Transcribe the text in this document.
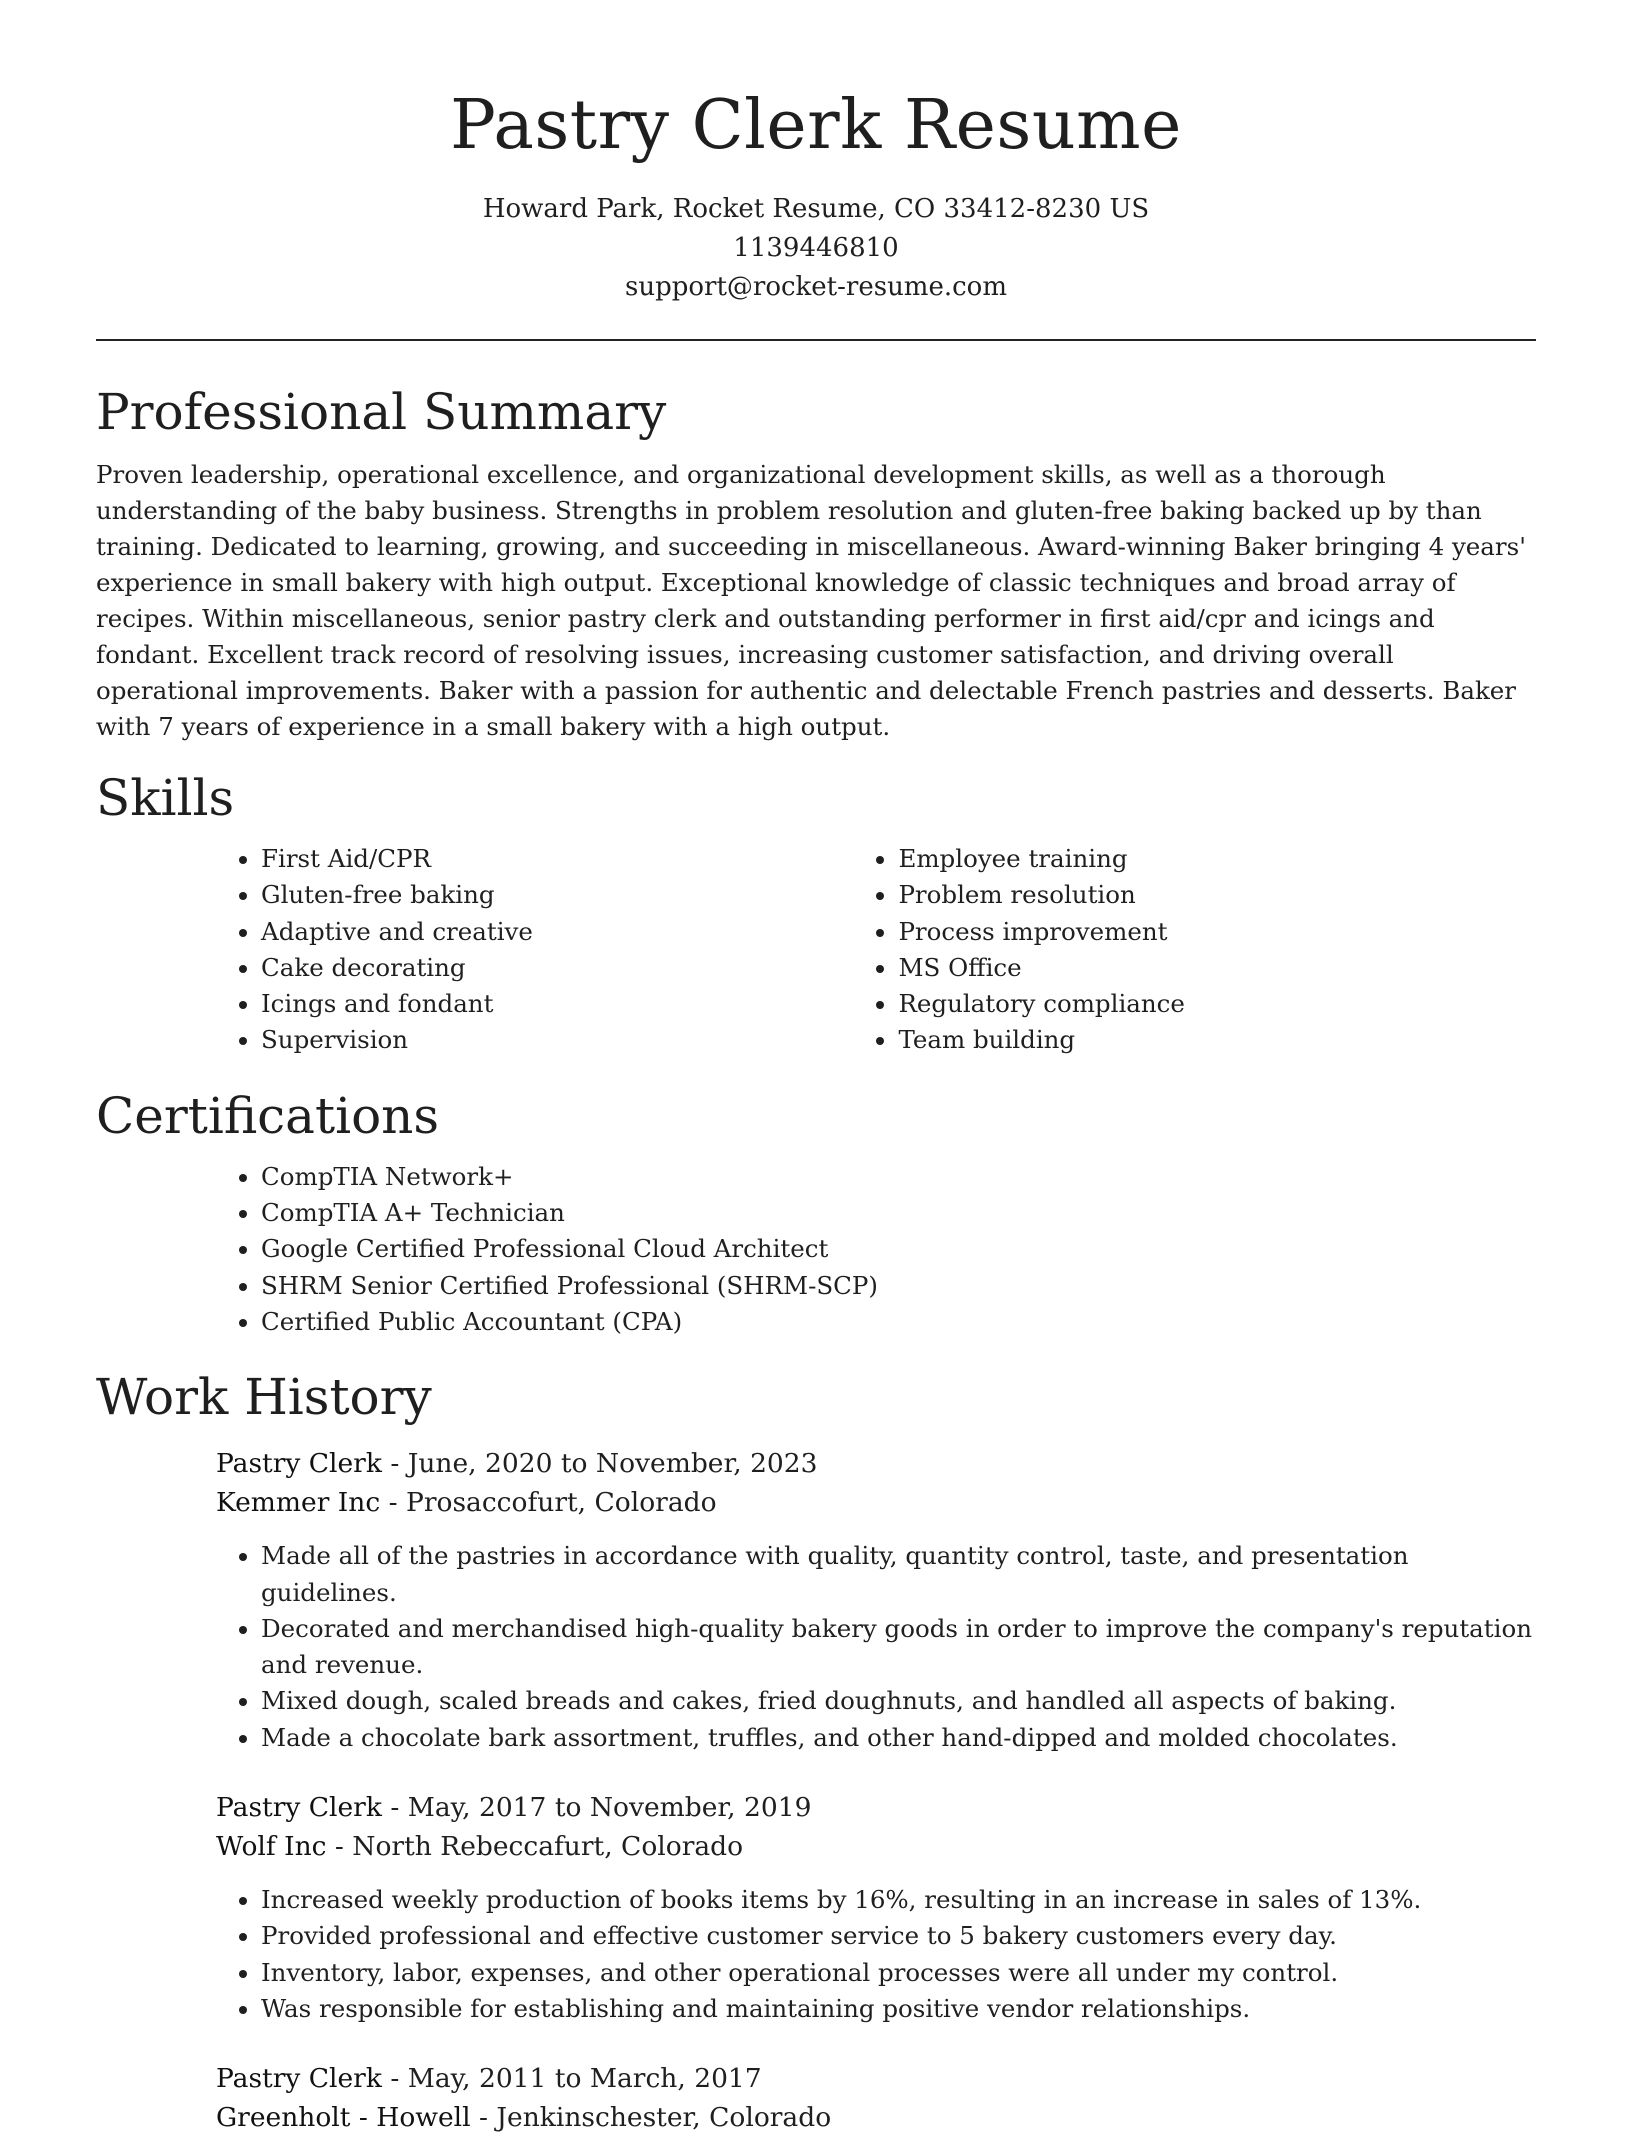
Pastry Clerk Resume
Howard Park, Rocket Resume, CO 33412-8230 US
1139446810
support@rocket-resume.com
Professional Summary

Proven leadership, operational excellence, and organizational development skills, as well as a thorough understanding of the baby business. Strengths in problem resolution and gluten-free baking backed up by than training. Dedicated to learning, growing, and succeeding in miscellaneous. Award-winning Baker bringing 4 years' experience in small bakery with high output. Exceptional knowledge of classic techniques and broad array of recipes. Within miscellaneous, senior pastry clerk and outstanding performer in first aid/cpr and icings and fondant. Excellent track record of resolving issues, increasing customer satisfaction, and driving overall operational improvements. Baker with a passion for authentic and delectable French pastries and desserts. Baker with 7 years of experience in a small bakery with a high output.

Skills
• First Aid/CPR
• Gluten-free baking
• Adaptive and creative
• Cake decorating
• Icings and fondant
• Supervision
• Employee training
• Problem resolution
• Process improvement
• MS Office
• Regulatory compliance
• Team building
Certifications
• CompTIA Network+
• CompTIA A+ Technician
• Google Certified Professional Cloud Architect
• SHRM Senior Certified Professional (SHRM-SCP)
• Certified Public Accountant (CPA)
Work History
Pastry Clerk - June, 2020 to November, 2023
Kemmer Inc - Prosaccofurt, Colorado
• Made all of the pastries in accordance with quality, quantity control, taste, and presentation guidelines.
• Decorated and merchandised high-quality bakery goods in order to improve the company's reputation and revenue.
• Mixed dough, scaled breads and cakes, fried doughnuts, and handled all aspects of baking.
• Made a chocolate bark assortment, truffles, and other hand-dipped and molded chocolates.
Pastry Clerk - May, 2017 to November, 2019
Wolf Inc - North Rebeccafurt, Colorado
• Increased weekly production of books items by 16%, resulting in an increase in sales of 13%.
• Provided professional and effective customer service to 5 bakery customers every day.
• Inventory, labor, expenses, and other operational processes were all under my control.
• Was responsible for establishing and maintaining positive vendor relationships.
Pastry Clerk - May, 2011 to March, 2017
Greenholt - Howell - Jenkinschester, Colorado
